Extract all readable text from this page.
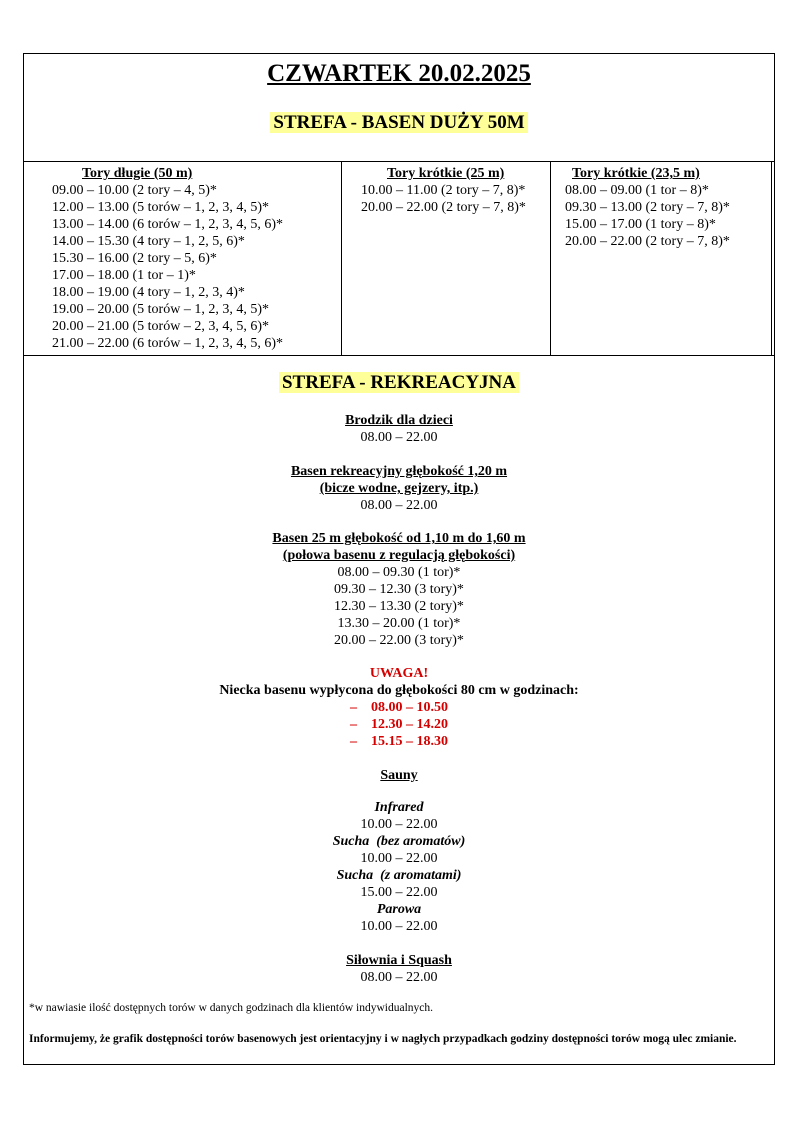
CZWARTEK 20.02.2025
STREFA - BASEN DUŻY 50M
Tory długie (50 m)
09.00 – 10.00 (2 tory – 4, 5)*
12.00 – 13.00 (5 torów – 1, 2, 3, 4, 5)*
13.00 – 14.00 (6 torów – 1, 2, 3, 4, 5, 6)*
14.00 – 15.30 (4 tory – 1, 2, 5, 6)*
15.30 – 16.00 (2 tory – 5, 6)*
17.00 – 18.00 (1 tor – 1)*
18.00 – 19.00 (4 tory – 1, 2, 3, 4)*
19.00 – 20.00 (5 torów – 1, 2, 3, 4, 5)*
20.00 – 21.00 (5 torów – 2, 3, 4, 5, 6)*
21.00 – 22.00 (6 torów – 1, 2, 3, 4, 5, 6)*
Tory krótkie (25 m)
10.00 – 11.00 (2 tory – 7, 8)*
20.00 – 22.00 (2 tory – 7, 8)*
Tory krótkie (23,5 m)
08.00 – 09.00 (1 tor – 8)*
09.30 – 13.00 (2 tory – 7, 8)*
15.00 – 17.00 (1 tory – 8)*
20.00 – 22.00 (2 tory – 7, 8)*
STREFA - REKREACYJNA
Brodzik dla dzieci
08.00 – 22.00
Basen rekreacyjny głębokość 1,20 m
(bicze wodne, gejzery, itp.)
08.00 – 22.00
Basen 25 m głębokość od 1,10 m do 1,60 m
(połowa basenu z regulacją głębokości)
08.00 – 09.30 (1 tor)*
09.30 – 12.30 (3 tory)*
12.30 – 13.30 (2 tory)*
13.30 – 20.00 (1 tor)*
20.00 – 22.00 (3 tory)*
UWAGA!
Niecka basenu wypłycona do głębokości 80 cm w godzinach:
–    08.00 – 10.50
–    12.30 – 14.20
–    15.15 – 18.30
Sauny
Infrared
10.00 – 22.00
Sucha  (bez aromatów)
10.00 – 22.00
Sucha  (z aromatami)
15.00 – 22.00
Parowa
10.00 – 22.00
Siłownia i Squash
08.00 – 22.00
*w nawiasie ilość dostępnych torów w danych godzinach dla klientów indywidualnych.
Informujemy, że grafik dostępności torów basenowych jest orientacyjny i w nagłych przypadkach godziny dostępności torów mogą ulec zmianie.
